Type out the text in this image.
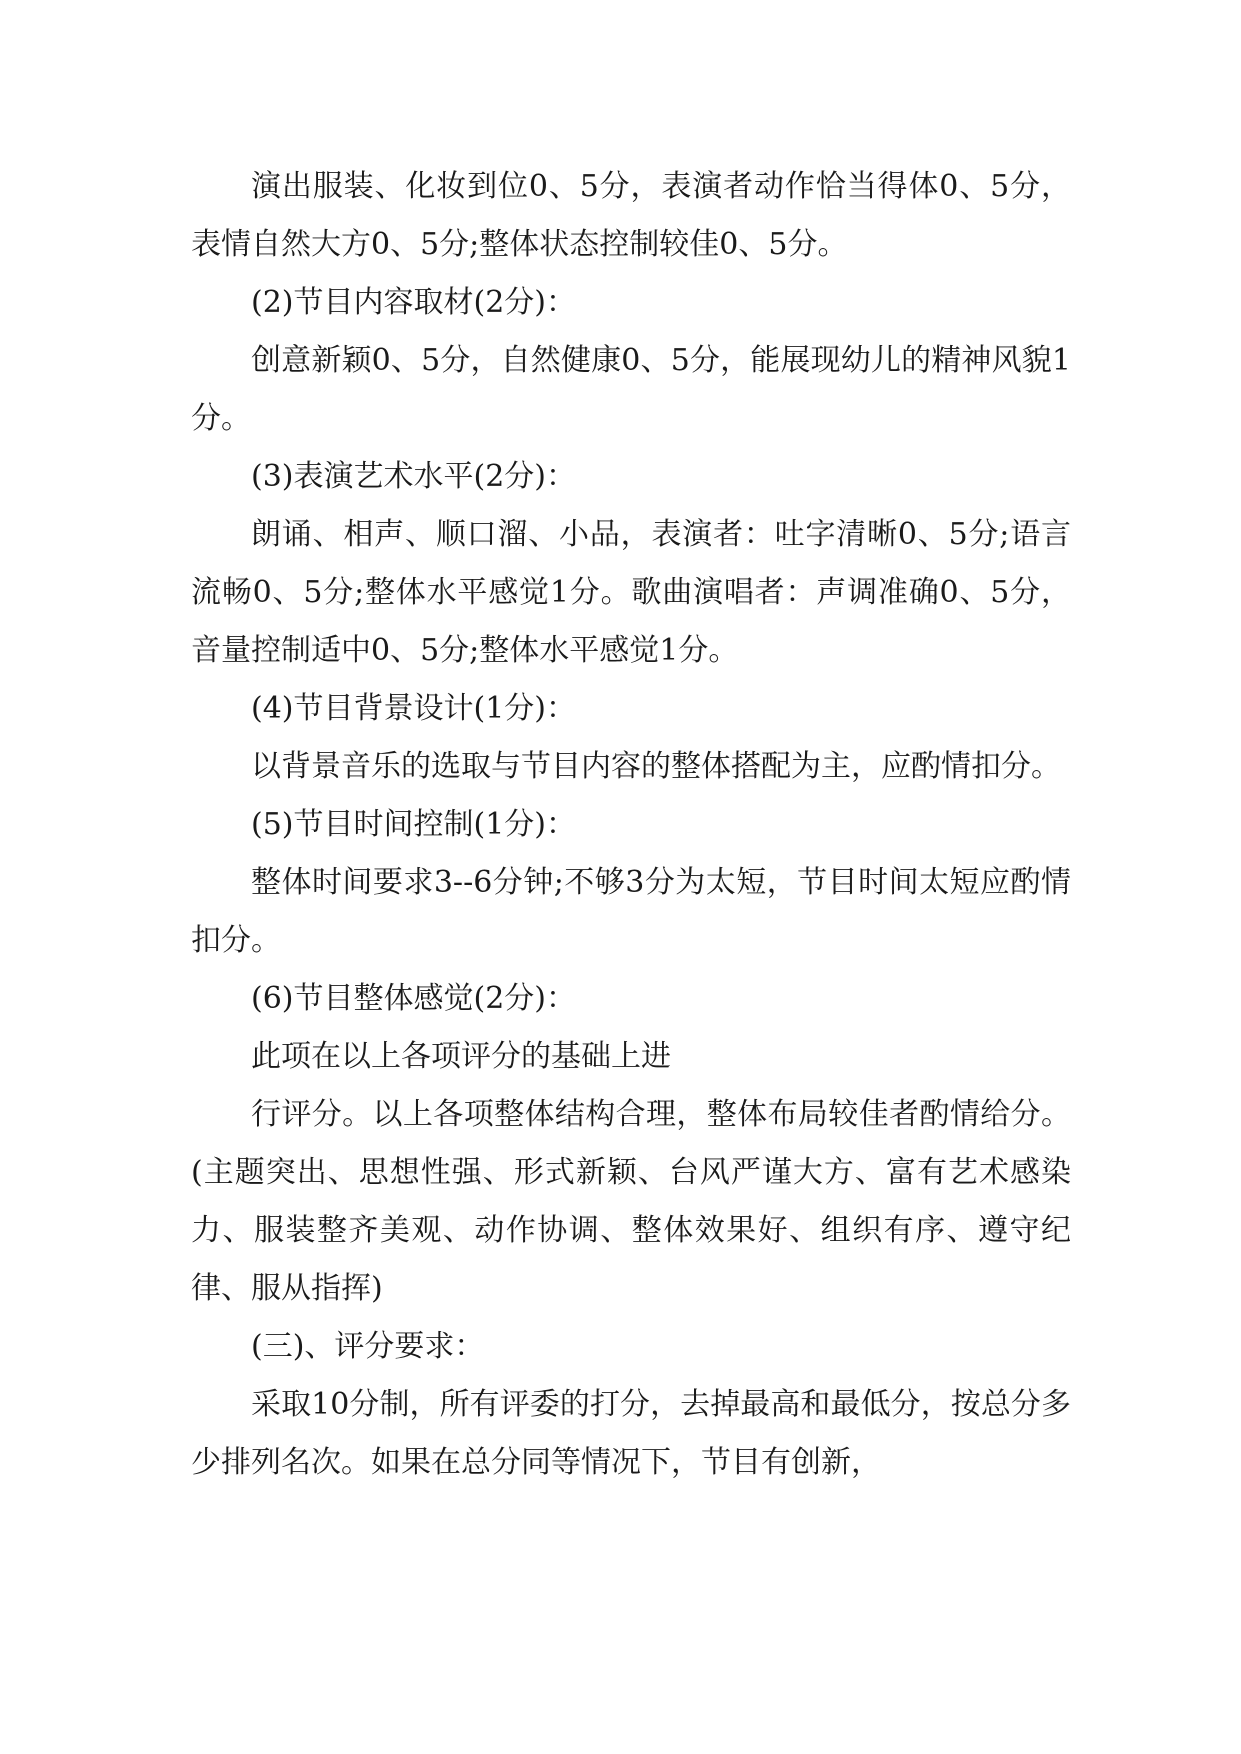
演出服装、化妆到位0、5分，表演者动作恰当得体0、5分，表情自然大方0、5分;整体状态控制较佳0、5分。

(2)节目内容取材(2分)：

创意新颖0、5分，自然健康0、5分，能展现幼儿的精神风貌1分。

(3)表演艺术水平(2分)：

朗诵、相声、顺口溜、小品，表演者：吐字清晰0、5分;语言流畅0、5分;整体水平感觉1分。歌曲演唱者：声调准确0、5分，音量控制适中0、5分;整体水平感觉1分。

(4)节目背景设计(1分)：

以背景音乐的选取与节目内容的整体搭配为主，应酌情扣分。

(5)节目时间控制(1分)：

整体时间要求3--6分钟;不够3分为太短，节目时间太短应酌情扣分。

(6)节目整体感觉(2分)：

此项在以上各项评分的基础上进

行评分。以上各项整体结构合理，整体布局较佳者酌情给分。(主题突出、思想性强、形式新颖、台风严谨大方、富有艺术感染力、服装整齐美观、动作协调、整体效果好、组织有序、遵守纪律、服从指挥)

(三)、评分要求：

采取10分制，所有评委的打分，去掉最高和最低分，按总分多少排列名次。如果在总分同等情况下，节目有创新，
